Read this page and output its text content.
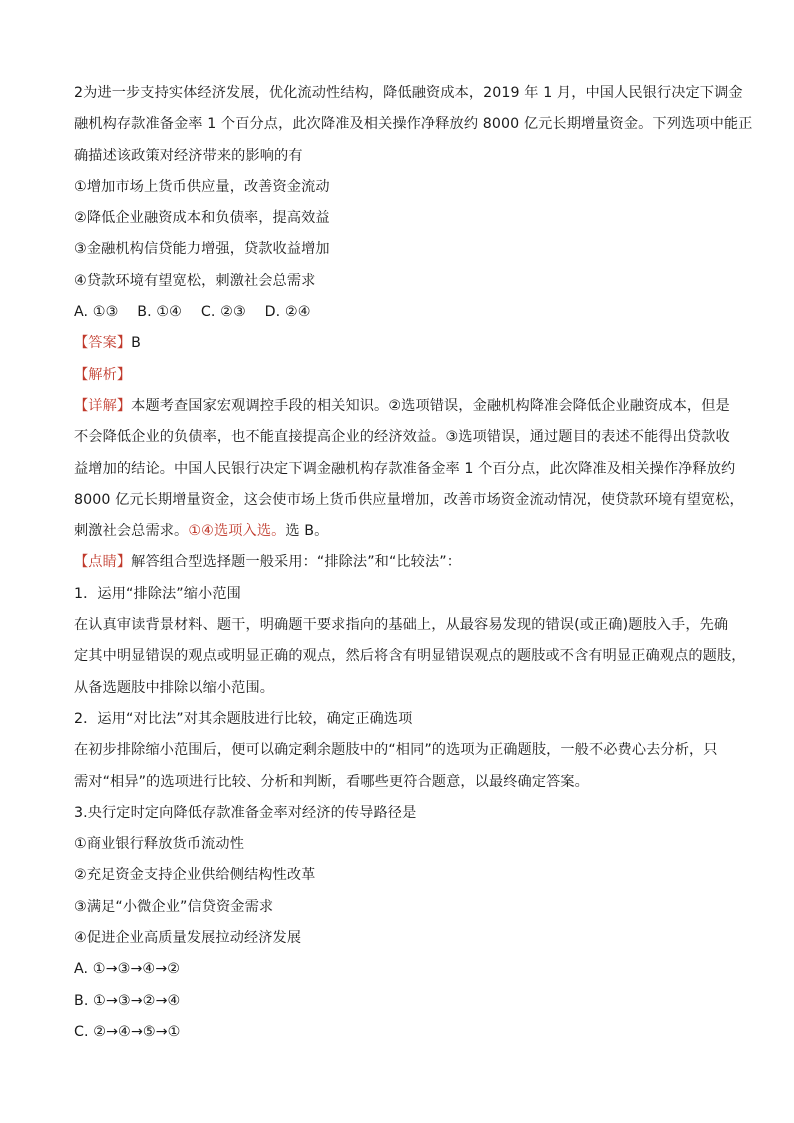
2为进一步支持实体经济发展，优化流动性结构，降低融资成本，2019 年 1 月，中国人民银行决定下调金
融机构存款准备金率 1 个百分点，此次降准及相关操作净释放约 8000 亿元长期增量资金。下列选项中能正
确描述该政策对经济带来的影响的有
①增加市场上货币供应量，改善资金流动
②降低企业融资成本和负债率，提高效益
③金融机构信贷能力增强，贷款收益增加
④贷款环境有望宽松，刺激社会总需求
A. ①③　 B. ①④　 C. ②③　 D. ②④
【答案】B
【解析】
【详解】本题考查国家宏观调控手段的相关知识。②选项错误，金融机构降准会降低企业融资成本，但是
不会降低企业的负债率，也不能直接提高企业的经济效益。③选项错误，通过题目的表述不能得出贷款收
益增加的结论。中国人民银行决定下调金融机构存款准备金率 1 个百分点，此次降准及相关操作净释放约
8000 亿元长期增量资金，这会使市场上货币供应量增加，改善市场资金流动情况，使贷款环境有望宽松，
刺激社会总需求。①④选项入选。选 B。
【点睛】解答组合型选择题一般采用：“排除法”和“比较法”：
1．运用“排除法”缩小范围
在认真审读背景材料、题干，明确题干要求指向的基础上，从最容易发现的错误(或正确)题肢入手，先确
定其中明显错误的观点或明显正确的观点，然后将含有明显错误观点的题肢或不含有明显正确观点的题肢，
从备选题肢中排除以缩小范围。
2．运用“对比法”对其余题肢进行比较，确定正确选项
在初步排除缩小范围后，便可以确定剩余题肢中的“相同”的选项为正确题肢，一般不必费心去分析，只
需对“相异”的选项进行比较、分析和判断，看哪些更符合题意，以最终确定答案。
3.央行定时定向降低存款准备金率对经济的传导路径是
①商业银行释放货币流动性
②充足资金支持企业供给侧结构性改革
③满足“小微企业”信贷资金需求
④促进企业高质量发展拉动经济发展
A. ①→③→④→②
B. ①→③→②→④
C. ②→④→⑤→①
